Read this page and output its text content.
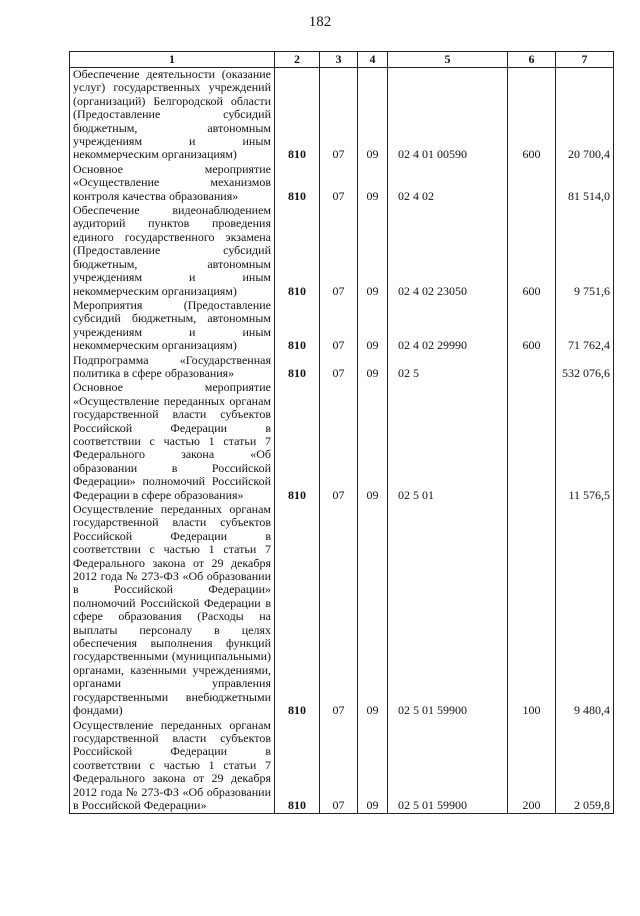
182
1	2	3	4	5	6	7
Обеспечение деятельности (оказание услуг) государственных учреждений (организаций) Белгородской области (Предоставление субсидий бюджетным, автономным учреждениям и иным некоммерческим организациям)	810	07	09	02 4 01 00590	600	20 700,4
Основное мероприятие «Осуществление механизмов контроля качества образования»	810	07	09	02 4 02		81 514,0
Обеспечение видеонаблюдением аудиторий пунктов проведения единого государственного экзамена (Предоставление субсидий бюджетным, автономным учреждениям и иным некоммерческим организациям)	810	07	09	02 4 02 23050	600	9 751,6
Мероприятия (Предоставление субсидий бюджетным, автономным учреждениям и иным некоммерческим организациям)	810	07	09	02 4 02 29990	600	71 762,4
Подпрограмма «Государственная политика в сфере образования»	810	07	09	02 5		532 076,6
Основное мероприятие «Осуществление переданных органам государственной власти субъектов Российской Федерации в соответствии с частью 1 статьи 7 Федерального закона «Об образовании в Российской Федерации» полномочий Российской Федерации в сфере образования»	810	07	09	02 5 01		11 576,5
Осуществление переданных органам государственной власти субъектов Российской Федерации в соответствии с частью 1 статьи 7 Федерального закона от 29 декабря 2012 года № 273-ФЗ «Об образовании в Российской Федерации» полномочий Российской Федерации в сфере образования (Расходы на выплаты персоналу в целях обеспечения выполнения функций государственными (муниципальными) органами, казенными учреждениями, органами управления государственными внебюджетными фондами)	810	07	09	02 5 01 59900	100	9 480,4
Осуществление переданных органам государственной власти субъектов Российской Федерации в соответствии с частью 1 статьи 7 Федерального закона от 29 декабря 2012 года № 273-ФЗ «Об образовании в Российской Федерации»	810	07	09	02 5 01 59900	200	2 059,8
